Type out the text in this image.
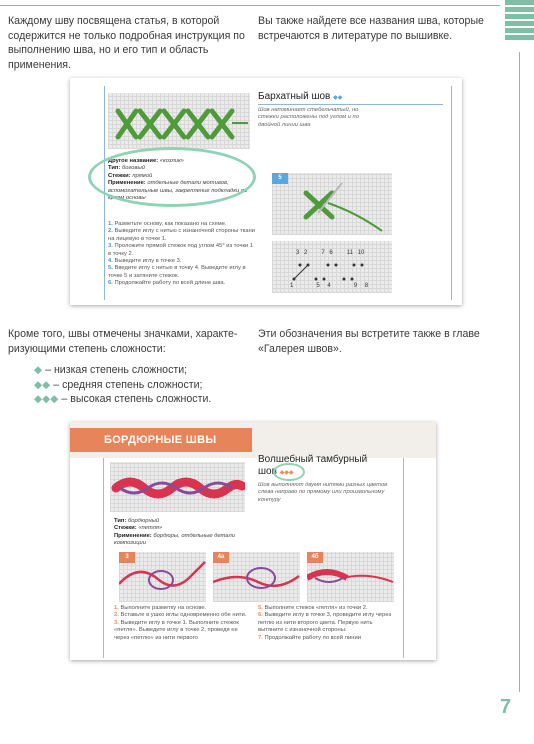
Каждому шву посвящена статья, в которой содержится не только подробная инструкция по выполнению шва, но и его тип и область применения.

Вы также найдете все названия шва, которые встречаются в литературе по вышивке.

Бархатный шов ◆◆

Шов напоминает стебельчатый, но стежки расположены под углом и по двойной линии шва

Другое название: «козлик»
Тип: боговый
Стежки: прямой
Применение: отдельные детали мотивов, вспомогательные швы, закрепление подкладки по краям основы
1. Разметьте основу, как показано на схеме.
2. Выведите иглу с нитью с изнаночной стороны ткани на лицевую в точке 1.
3. Проложите прямой стежок под углом 45° из точки 1 в точку 2.
4. Выведите иглу в точке 3.
5. Введите иглу с нитью в точку 4. Выведите иглу в точке 5 и затяните стежок.
6. Продолжайте работу по всей длине шва.
5
3 2 7 6 11 10
1	5 4	9 8

Кроме того, швы отмечены значками, характеризующими степень сложности:

Эти обозначения вы встретите также в главе «Галерея швов».

◆ – низкая степень сложности;
◆◆ – средняя степень сложности;
◆◆◆ – высокая степень сложности.
БОРДЮРНЫЕ ШВЫ
Волшебный тамбурный
шов ◆◆◆

Шов выполняют двумя нитями разных цветов слева направо по прямому или произвольному контуру

Тип: бордюрный
Стежки: «петля»
Применение: бордюры, отдельные детали композиции
3	4а	4б
1. Выполните разметку на основе.
2. Вставьте в ушко иглы одновременно обе нити.
3. Выведите иглу в точке 1. Выполните стежок «петля». Выведите иглу в точке 2, проведя ее через «петлю» из нити первого
5. Выполните стежок «петля» из точки 2.
6. Выведите иглу в точке 3, проведите иглу через петлю из нити второго цвета. Первую нить вытяните с изнаночной стороны.
7. Продолжайте работу по всей линии
7
